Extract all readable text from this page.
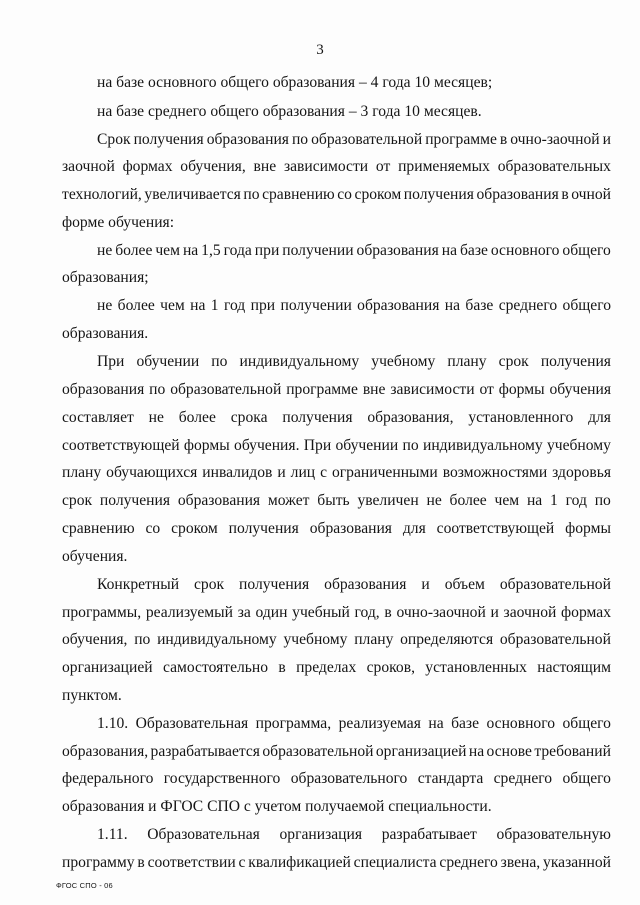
3
на базе основного общего образования – 4 года 10 месяцев;
на базе среднего общего образования – 3 года 10 месяцев.
Срок получения образования по образовательной программе в очно-заочной и
заочной формах обучения, вне зависимости от применяемых образовательных
технологий, увеличивается по сравнению со сроком получения образования в очной
форме обучения:
не более чем на 1,5 года при получении образования на базе основного общего
образования;
не более чем на 1 год при получении образования на базе среднего общего
образования.
При обучении по индивидуальному учебному плану срок получения
образования по образовательной программе вне зависимости от формы обучения
составляет не более срока получения образования, установленного для
соответствующей формы обучения. При обучении по индивидуальному учебному
плану обучающихся инвалидов и лиц с ограниченными возможностями здоровья
срок получения образования может быть увеличен не более чем на 1 год по
сравнению со сроком получения образования для соответствующей формы
обучения.
Конкретный срок получения образования и объем образовательной
программы, реализуемый за один учебный год, в очно-заочной и заочной формах
обучения, по индивидуальному учебному плану определяются образовательной
организацией самостоятельно в пределах сроков, установленных настоящим
пунктом.
1.10. Образовательная программа, реализуемая на базе основного общего
образования, разрабатывается образовательной организацией на основе требований
федерального государственного образовательного стандарта среднего общего
образования и ФГОС СПО с учетом получаемой специальности.
1.11. Образовательная организация разрабатывает образовательную
программу в соответствии с квалификацией специалиста среднего звена, указанной
ФГОС СПО - 06
